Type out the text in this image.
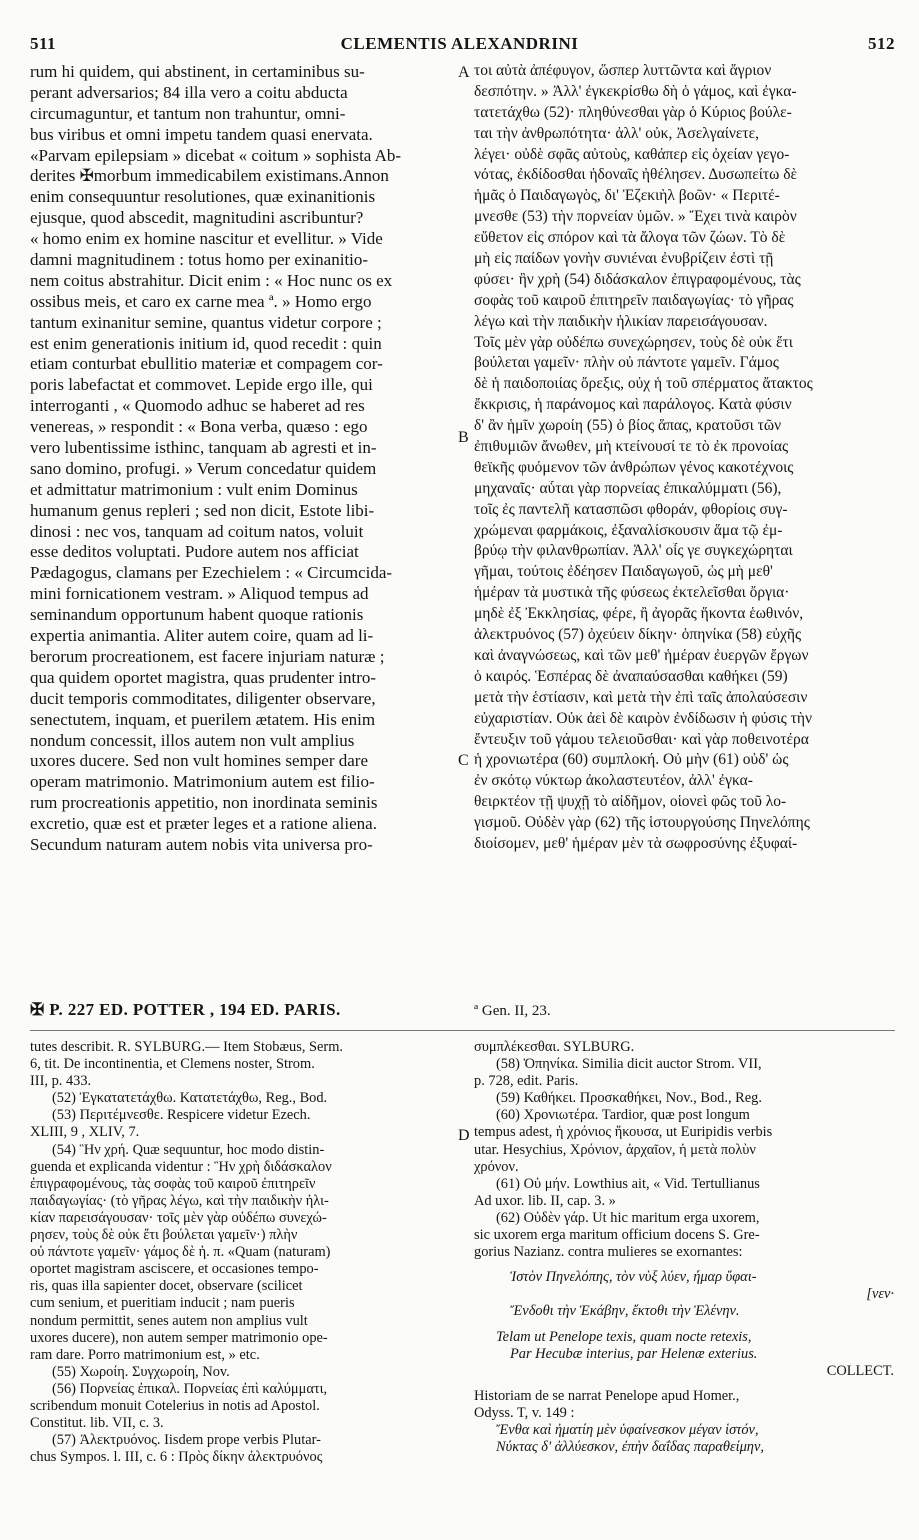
511	CLEMENTIS ALEXANDRINI	512
A
B
C
D
rum hi quidem, qui abstinent, in certaminibus su-
perant adversarios; 84 illa vero a coitu abducta
circumaguntur, et tantum non trahuntur, omni-
bus viribus et omni impetu tandem quasi enervata.
«Parvam epilepsiam » dicebat « coitum » sophista Ab-
derites ✠morbum immedicabilem existimans.Annon
enim consequuntur resolutiones, quæ exinanitionis
ejusque, quod abscedit, magnitudini ascribuntur?
« homo enim ex homine nascitur et evellitur. » Vide
damni magnitudinem : totus homo per exinanitio-
nem coitus abstrahitur. Dicit enim : « Hoc nunc os ex
ossibus meis, et caro ex carne mea ª. » Homo ergo
tantum exinanitur semine, quantus videtur corpore ;
est enim generationis initium id, quod recedit : quin
etiam conturbat ebullitio materiæ et compagem cor-
poris labefactat et commovet. Lepide ergo ille, qui
interroganti , « Quomodo adhuc se haberet ad res
venereas, » respondit : « Bona verba, quæso : ego
vero lubentissime isthinc, tanquam ab agresti et in-
sano domino, profugi. » Verum concedatur quidem
et admittatur matrimonium : vult enim Dominus
humanum genus repleri ; sed non dicit, Estote libi-
dinosi : nec vos, tanquam ad coitum natos, voluit
esse deditos voluptati. Pudore autem nos afficiat
Pædagogus, clamans per Ezechielem : « Circumcida-
mini fornicationem vestram. » Aliquod tempus ad
seminandum opportunum habent quoque rationis
expertia animantia. Aliter autem coire, quam ad li-
berorum procreationem, est facere injuriam naturæ ;
qua quidem oportet magistra, quas prudenter intro-
ducit temporis commoditates, diligenter observare,
senectutem, inquam, et puerilem ætatem. His enim
nondum concessit, illos autem non vult amplius
uxores ducere. Sed non vult homines semper dare
operam matrimonio. Matrimonium autem est filio-
rum procreationis appetitio, non inordinata seminis
excretio, quæ est et præter leges et a ratione aliena.
Secundum naturam autem nobis vita universa pro-
τοι αὐτὰ ἀπέφυγον, ὥσπερ λυττῶντα καὶ ἄγριον
δεσπότην. » Ἀλλ' ἐγκεκρίσθω δὴ ὁ γάμος, καὶ ἐγκα-
τατετάχθω (52)· πληθύνεσθαι γὰρ ὁ Κύριος βούλε-
ται τὴν ἀνθρωπότητα· ἀλλ' οὐκ, Ἀσελγαίνετε,
λέγει· οὐδὲ σφᾶς αὐτοὺς, καθάπερ εἰς ὀχείαν γεγο-
νότας, ἐκδίδοσθαι ἡδοναῖς ἠθέλησεν. Δυσωπείτω δὲ
ἡμᾶς ὁ Παιδαγωγὸς, δι' Ἐζεκιὴλ βοῶν· « Περιτέ-
μνεσθε (53) τὴν πορνείαν ὑμῶν. » Ἔχει τινὰ καιρὸν
εὔθετον εἰς σπόρον καὶ τὰ ἄλογα τῶν ζώων. Τὸ δὲ
μὴ εἰς παίδων γονὴν συνιέναι ἐνυβρίζειν ἐστὶ τῇ
φύσει· ἣν χρὴ (54) διδάσκαλον ἐπιγραφομένους, τὰς
σοφὰς τοῦ καιροῦ ἐπιτηρεῖν παιδαγωγίας· τὸ γῆρας
λέγω καὶ τὴν παιδικὴν ἡλικίαν παρεισάγουσαν.
Τοῖς μὲν γὰρ οὐδέπω συνεχώρησεν, τοὺς δὲ οὐκ ἔτι
βούλεται γαμεῖν· πλὴν οὐ πάντοτε γαμεῖν. Γάμος
δὲ ἡ παιδοποιίας ὄρεξις, οὐχ ἡ τοῦ σπέρματος ἄτακτος
ἔκκρισις, ἡ παράνομος καὶ παράλογος. Κατὰ φύσιν
δ' ἂν ἡμῖν χωροίη (55) ὁ βίος ἅπας, κρατοῦσι τῶν
ἐπιθυμιῶν ἄνωθεν, μὴ κτείνουσί τε τὸ ἐκ προνοίας
θεϊκῆς φυόμενον τῶν ἀνθρώπων γένος κακοτέχνοις
μηχαναῖς· αὗται γὰρ πορνείας ἐπικαλύμματι (56),
τοῖς ἐς παντελῆ κατασπῶσι φθοράν, φθορίοις συγ-
χρώμεναι φαρμάκοις, ἐξαναλίσκουσιν ἅμα τῷ ἐμ-
βρύῳ τὴν φιλανθρωπίαν. Ἀλλ' οἷς γε συγκεχώρηται
γῆμαι, τούτοις ἐδέησεν Παιδαγωγοῦ, ὡς μὴ μεθ'
ἡμέραν τὰ μυστικὰ τῆς φύσεως ἐκτελεῖσθαι ὄργια·
μηδὲ ἐξ Ἐκκλησίας, φέρε, ἢ ἀγορᾶς ἥκοντα ἑωθινόν,
ἀλεκτρυόνος (57) ὀχεύειν δίκην· ὁπηνίκα (58) εὐχῆς
καὶ ἀναγνώσεως, καὶ τῶν μεθ' ἡμέραν ἐυεργῶν ἔργων
ὁ καιρός. Ἑσπέρας δὲ ἀναπαύσασθαι καθήκει (59)
μετὰ τὴν ἑστίασιν, καὶ μετὰ τὴν ἐπὶ ταῖς ἀπολαύσεσιν
εὐχαριστίαν. Οὐκ ἀεὶ δὲ καιρὸν ἐνδίδωσιν ἡ φύσις τὴν
ἔντευξιν τοῦ γάμου τελειοῦσθαι· καὶ γὰρ ποθεινοτέρα
ἡ χρονιωτέρα (60) συμπλοκή. Οὐ μὴν (61) οὐδ' ὡς
ἐν σκότῳ νύκτωρ ἀκολαστευτέον, ἀλλ' ἐγκα-
θειρκτέον τῇ ψυχῇ τὸ αἰδῆμον, οἱονεὶ φῶς τοῦ λο-
γισμοῦ. Οὐδὲν γὰρ (62) τῆς ἱστουργούσης Πηνελόπης
διοίσομεν, μεθ' ἡμέραν μὲν τὰ σωφροσύνης ἐξυφαί-
✠ P. 227 ED. POTTER , 194 ED. PARIS.	ª Gen. II, 23.
tutes describit. R. SYLBURG.— Item Stobæus, Serm.
6, tit. De incontinentia, et Clemens noster, Strom.
III, p. 433.
(52) Ἐγκατατετάχθω. Κατατετάχθω, Reg., Bod.
(53) Περιτέμνεσθε. Respicere videtur Ezech.
XLIII, 9 , XLIV, 7.
(54) Ἣν χρή. Quæ sequuntur, hoc modo distin-
guenda et explicanda videntur : Ἣν χρὴ διδάσκαλον
ἐπιγραφομένους, τὰς σοφὰς τοῦ καιροῦ ἐπιτηρεῖν
παιδαγωγίας· (τὸ γῆρας λέγω, καὶ τὴν παιδικὴν ἡλι-
κίαν παρεισάγουσαν· τοῖς μὲν γὰρ οὐδέπω συνεχώ-
ρησεν, τοὺς δὲ οὐκ ἔτι βούλεται γαμεῖν·) πλὴν
οὐ πάντοτε γαμεῖν· γάμος δὲ ἡ. π. «Quam (naturam)
oportet magistram asciscere, et occasiones tempo-
ris, quas illa sapienter docet, observare (scilicet
cum senium, et pueritiam inducit ; nam pueris
nondum permittit, senes autem non amplius vult
uxores ducere), non autem semper matrimonio ope-
ram dare. Porro matrimonium est, » etc.
(55) Χωροίη. Συγχωροίη, Nov.
(56) Πορνείας ἐπικαλ. Πορνείας ἐπὶ καλύμματι,
scribendum monuit Cotelerius in notis ad Apostol.
Constitut. lib. VII, c. 3.
(57) Ἀλεκτρυόνος. Iisdem prope verbis Plutar-
chus Sympos. l. III, c. 6 : Πρὸς δίκην ἀλεκτρυόνος
συμπλέκεσθαι. SYLBURG.
(58) Ὁπηνίκα. Similia dicit auctor Strom. VII,
p. 728, edit. Paris.
(59) Καθήκει. Προσκαθήκει, Nov., Bod., Reg.
(60) Χρονιωτέρα. Tardior, quæ post longum
tempus adest, ἡ χρόνιος ἥκουσα, ut Euripidis verbis
utar. Hesychius, Χρόνιον, ἀρχαῖον, ἡ μετὰ πολὺν
χρόνον.
(61) Οὐ μήν. Lowthius ait, « Vid. Tertullianus
Ad uxor. lib. II, cap. 3. »
(62) Οὐδὲν γάρ. Ut hic maritum erga uxorem,
sic uxorem erga maritum officium docens S. Gre-
gorius Nazianz. contra mulieres se exornantes:
Ἱστὸν Πηνελόπης, τὸν νὺξ λύεν, ἦμαρ ὕφαι-
[νεν·
Ἔνδοθι τὴν Ἑκάβην, ἔκτοθι τὴν Ἑλένην.
Telam ut Penelope texis, quam nocte retexis,
Par Hecubæ interius, par Helenæ exterius.
COLLECT.
Historiam de se narrat Penelope apud Homer.,
Odyss. T, v. 149 :
Ἔνθα καὶ ἠματίη μὲν ὑφαίνεσκον μέγαν ἱστόν,
Νύκτας δ' ἀλλύεσκον, ἐπὴν δαΐδας παραθείμην,
